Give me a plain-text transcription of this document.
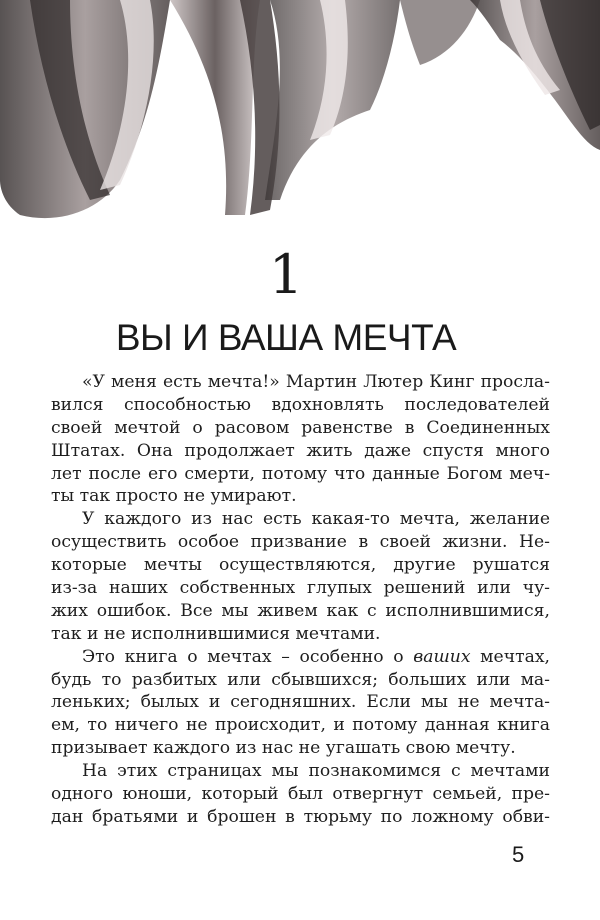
1
ВЫ И ВАША МЕЧТА
«У меня есть мечта!» Мартин Лютер Кинг просла-
вился способностью вдохновлять последователей
своей мечтой о расовом равенстве в Соединенных
Штатах. Она продолжает жить даже спустя много
лет после его смерти, потому что данные Богом меч-
ты так просто не умирают.
У каждого из нас есть какая-то мечта, желание
осуществить особое призвание в своей жизни. Не-
которые мечты осуществляются, другие рушатся
из-за наших собственных глупых решений или чу-
жих ошибок. Все мы живем как с исполнившимися,
так и не исполнившимися мечтами.
Это книга о мечтах – особенно о ваших мечтах,
будь то разбитых или сбывшихся; больших или ма-
леньких; былых и сегодняшних. Если мы не мечта-
ем, то ничего не происходит, и потому данная книга
призывает каждого из нас не угашать свою мечту.
На этих страницах мы познакомимся с мечтами
одного юноши, который был отвергнут семьей, пре-
дан братьями и брошен в тюрьму по ложному обви-
5
